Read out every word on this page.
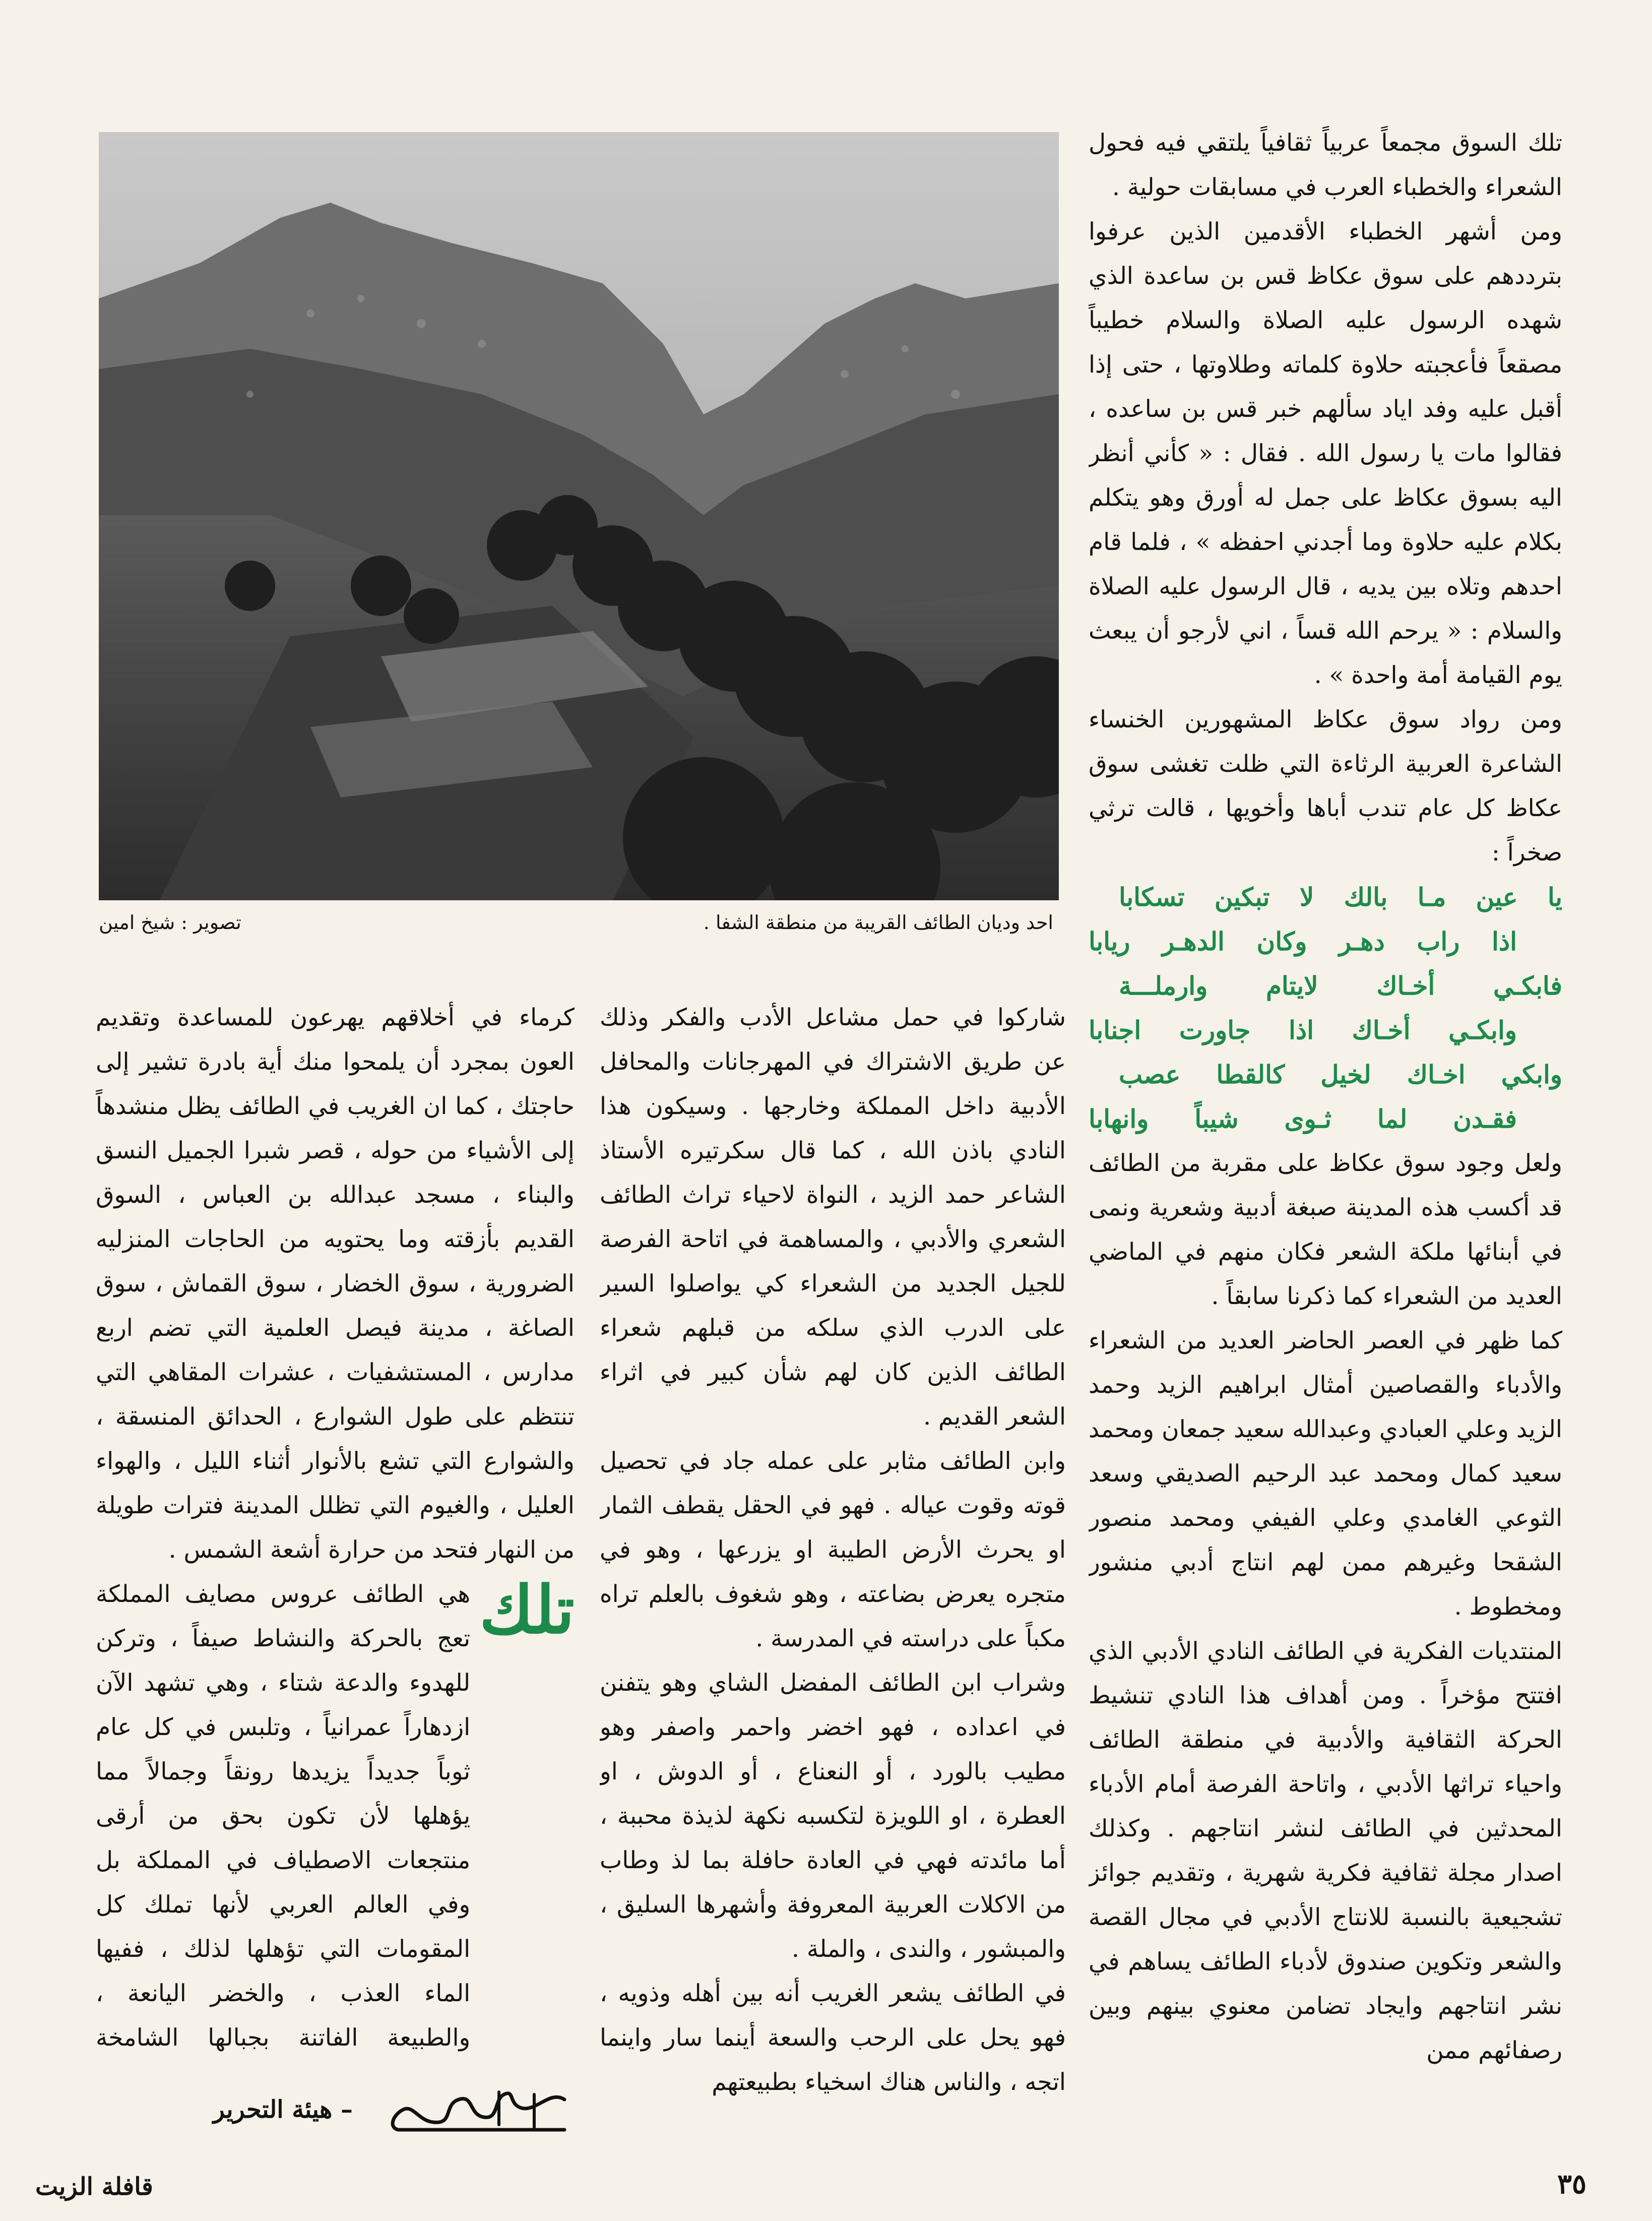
احد وديان الطائف القريبة من منطقة الشفا .
تصوير : شيخ امين

تلك السوق مجمعاً عربياً ثقافياً يلتقي فيه فحول الشعراء والخطباء العرب في مسابقات حولية .

ومن أشهر الخطباء الأقدمين الذين عرفوا بترددهم على سوق عكاظ قس بن ساعدة الذي شهده الرسول عليه الصلاة والسلام خطيباً مصقعاً فأعجبته حلاوة كلماته وطلاوتها ، حتى إذا أقبل عليه وفد اياد سألهم خبر قس بن ساعده ، فقالوا مات يا رسول الله . فقال : « كأني أنظر اليه بسوق عكاظ على جمل له أورق وهو يتكلم بكلام عليه حلاوة وما أجدني احفظه » ، فلما قام احدهم وتلاه بين يديه ، قال الرسول عليه الصلاة والسلام : « يرحم الله قساً ، اني لأرجو أن يبعث يوم القيامة أمة واحدة » .

ومن رواد سوق عكاظ المشهورين الخنساء الشاعرة العربية الرثاءة التي ظلت تغشى سوق عكاظ كل عام تندب أباها وأخويها ، قالت ترثي صخراً :

يا عين مـا بالك لا تبكين تسكابا

اذا راب دهـر وكان الدهـر ريابا

فابكـي أخـاك لايتام وارملـــة

وابكـي أخـاك اذا جاورت اجنابا

وابكي اخـاك لخيل كالقطا عصب

فقـدن لما ثـوى شيباً وانهابا

ولعل وجود سوق عكاظ على مقربة من الطائف قد أكسب هذه المدينة صبغة أدبية وشعرية ونمى في أبنائها ملكة الشعر فكان منهم في الماضي العديد من الشعراء كما ذكرنا سابقاً .

كما ظهر في العصر الحاضر العديد من الشعراء والأدباء والقصاصين أمثال ابراهيم الزيد وحمد الزيد وعلي العبادي وعبدالله سعيد جمعان ومحمد سعيد كمال ومحمد عبد الرحيم الصديقي وسعد الثوعي الغامدي وعلي الفيفي ومحمد منصور الشقحا وغيرهم ممن لهم انتاج أدبي منشور ومخطوط .

المنتديات الفكرية في الطائف النادي الأدبي الذي افتتح مؤخراً . ومن أهداف هذا النادي تنشيط الحركة الثقافية والأدبية في منطقة الطائف واحياء تراثها الأدبي ، واتاحة الفرصة أمام الأدباء المحدثين في الطائف لنشر انتاجهم . وكذلك اصدار مجلة ثقافية فكرية شهرية ، وتقديم جوائز تشجيعية بالنسبة للانتاج الأدبي في مجال القصة والشعر وتكوين صندوق لأدباء الطائف يساهم في نشر انتاجهم وايجاد تضامن معنوي بينهم وبين رصفائهم ممن

شاركوا في حمل مشاعل الأدب والفكر وذلك عن طريق الاشتراك في المهرجانات والمحافل الأدبية داخل المملكة وخارجها . وسيكون هذا النادي باذن الله ، كما قال سكرتيره الأستاذ الشاعر حمد الزيد ، النواة لاحياء تراث الطائف الشعري والأدبي ، والمساهمة في اتاحة الفرصة للجيل الجديد من الشعراء كي يواصلوا السير على الدرب الذي سلكه من قبلهم شعراء الطائف الذين كان لهم شأن كبير في اثراء الشعر القديم .

وابن الطائف مثابر على عمله جاد في تحصيل قوته وقوت عياله . فهو في الحقل يقطف الثمار او يحرث الأرض الطيبة او يزرعها ، وهو في متجره يعرض بضاعته ، وهو شغوف بالعلم تراه مكباً على دراسته في المدرسة .

وشراب ابن الطائف المفضل الشاي وهو يتفنن في اعداده ، فهو اخضر واحمر واصفر وهو مطيب بالورد ، أو النعناع ، أو الدوش ، او العطرة ، او اللويزة لتكسبه نكهة لذيذة محببة ، أما مائدته فهي في العادة حافلة بما لذ وطاب من الاكلات العربية المعروفة وأشهرها السليق ، والمبشور ، والندى ، والملة .

في الطائف يشعر الغريب أنه بين أهله وذويه ، فهو يحل على الرحب والسعة أينما سار واينما اتجه ، والناس هناك اسخياء بطبيعتهم

كرماء في أخلاقهم يهرعون للمساعدة وتقديم العون بمجرد أن يلمحوا منك أية بادرة تشير إلى حاجتك ، كما ان الغريب في الطائف يظل منشدهاً إلى الأشياء من حوله ، قصر شبرا الجميل النسق والبناء ، مسجد عبدالله بن العباس ، السوق القديم بأزقته وما يحتويه من الحاجات المنزليه الضرورية ، سوق الخضار ، سوق القماش ، سوق الصاغة ، مدينة فيصل العلمية التي تضم اربع مدارس ، المستشفيات ، عشرات المقاهي التي تنتظم على طول الشوارع ، الحدائق المنسقة ، والشوارع التي تشع بالأنوار أثناء الليل ، والهواء العليل ، والغيوم التي تظلل المدينة فترات طويلة من النهار فتحد من حرارة أشعة الشمس .

تلك

هي الطائف عروس مصايف المملكة تعج بالحركة والنشاط صيفاً ، وتركن للهدوء والدعة شتاء ، وهي تشهد الآن ازدهاراً عمرانياً ، وتلبس في كل عام ثوباً جديداً يزيدها رونقاً وجمالاً مما يؤهلها لأن تكون بحق من أرقى منتجعات الاصطياف في المملكة بل وفي العالم العربي لأنها تملك كل المقومات التي تؤهلها لذلك ، ففيها الماء العذب ، والخضر اليانعة ، والطبيعة الفاتنة بجبالها الشامخة

– هيئة التحرير
٣٥
قافلة الزيت
